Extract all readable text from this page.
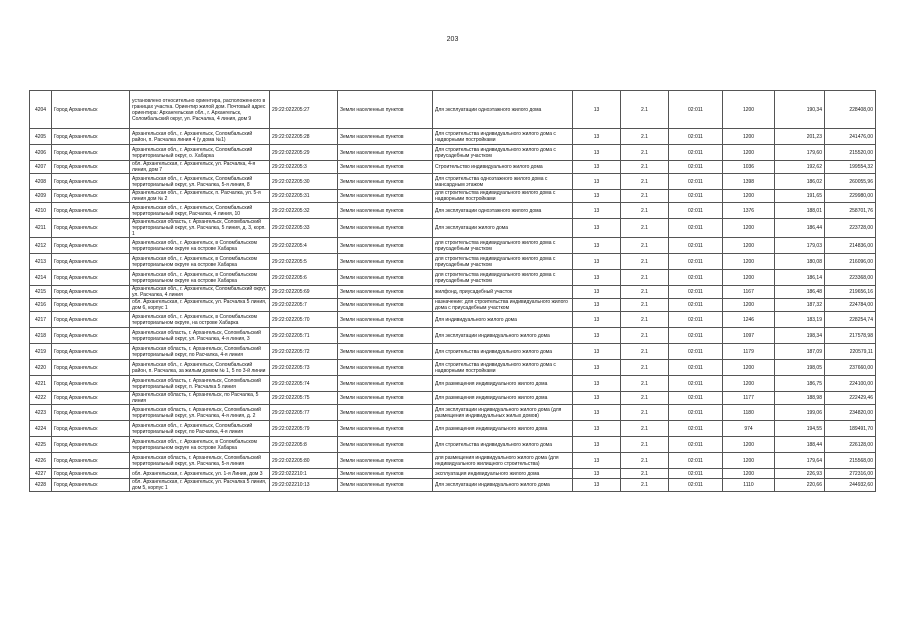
203
4204	Город Архангельск	установлено относительно ориентира, расположенного в границах участка. Ориентир жилой дом. Почтовый адрес ориентира: Архангельская обл., г. Архангельск, Соломбальский округ, ул. Расчалка, 4 линия, дом 9	29:22:022205:27	Земли населенных пунктов	Для эксплуатации одноэтажного жилого дома	13	2.1	02:011	1200	190,34	228408,00
4205	Город Архангельск	Архангельская обл., г. Архангельск, Соломбальский район, п. Расчалка линия 4 (у дома №1)	29:22:022205:28	Земли населенных пунктов	Для строительства индивидуального жилого дома с надворными постройками	13	2.1	02:011	1200	201,23	241476,00
4206	Город Архангельск	Архангельская обл., г. Архангельск, Соломбальский территориальный округ, о. Хабарка	29:22:022205:29	Земли населенных пунктов	Для строительства индивидуального жилого дома с приусадебным участком	13	2.1	02:011	1200	179,60	215520,00
4207	Город Архангельск	обл. Архангельская, г. Архангельск, ул. Расчалка, 4-я линия, дом 7	29:22:022205:3	Земли населенных пунктов	Строительство индивидуального жилого дома	13	2.1	02:011	1036	192,62	199554,32
4208	Город Архангельск	Архангельская обл., г. Архангельск, Соломбальский территориальный округ, ул. Расчалка, 5-я линия, 8	29:22:022205:30	Земли населенных пунктов	Для строительства одноэтажного жилого дома с мансардным этажом	13	2.1	02:011	1398	186,02	260055,96
4209	Город Архангельск	Архангельская обл., г. Архангельск, п. Расчалка, ул. 5-я линия дом № 2	29:22:022205:31	Земли населенных пунктов	для строительства индивидуального жилого дома с надворными постройками	13	2.1	02:011	1200	191,65	229980,00
4210	Город Архангельск	Архангельская обл., г. Архангельск, Соломбальский территориальный округ, Расчалка, 4 линия, 10	29:22:022205:32	Земли населенных пунктов	Для эксплуатации одноэтажного жилого дома	13	2.1	02:011	1376	188,01	258701,76
4211	Город Архангельск	Архангельская область, г. Архангельск, Соломбальский территориальный округ, ул. Расчалка, 5 линия, д. 3, корп. 1	29:22:022205:33	Земли населенных пунктов	Для эксплуатации жилого дома	13	2.1	02:011	1200	186,44	223728,00
4212	Город Архангельск	Архангельская обл., г. Архангельск, в Соломбальском территориальном округе на острове Хабарка	29:22:022205:4	Земли населенных пунктов	для строительства индивидуального жилого дома с приусадебным участком	13	2.1	02:011	1200	179,03	214836,00
4213	Город Архангельск	Архангельская обл., г. Архангельск, в Соломбальском территориальном округе на острове Хабарка	29:22:022205:5	Земли населенных пунктов	для строительства индивидуального жилого дома с приусадебным участком	13	2.1	02:011	1200	180,08	216096,00
4214	Город Архангельск	Архангельская обл., г. Архангельск, в Соломбальском территориальном округе на острове Хабарка	29:22:022205:6	Земли населенных пунктов	для строительства индивидуального жилого дома с приусадебным участком	13	2.1	02:011	1200	186,14	223368,00
4215	Город Архангельск	Архангельская обл., г. Архангельск, Соломбальский округ, ул. Расчалка, 4 линия	29:22:022205:69	Земли населенных пунктов	жилфонд, приусадебный участок	13	2.1	02:011	1167	186,48	219656,16
4216	Город Архангельск	обл. Архангельская, г. Архангельск, ул. Расчалка 5 линия, дом 6, корпус 1	29:22:022205:7	Земли населенных пунктов	назначение: для строительства индивидуального жилого дома с приусадебным участком	13	2.1	02:011	1200	187,32	224784,00
4217	Город Архангельск	Архангельская обл., г. Архангельск, в Соломбальском территориальном округе, на острове Хабарка	29:22:022205:70	Земли населенных пунктов	Для индивидуального жилого дома	13	2.1	02:011	1246	183,19	228254,74
4218	Город Архангельск	Архангельская область, г. Архангельск, Соломбальский территориальный округ, ул. Расчалка, 4-я линия, 3	29:22:022205:71	Земли населенных пунктов	Для эксплуатации индивидуального жилого дома	13	2.1	02:011	1097	198,34	217578,98
4219	Город Архангельск	Архангельская область, г. Архангельск, Соломбальский территориальный округ, по Расчалка, 4-я линия	29:22:022205:72	Земли населенных пунктов	Для строительства индивидуального жилого дома	13	2.1	02:011	1179	187,09	220579,11
4220	Город Архангельск	Архангельская обл., г. Архангельск, Соломбальский район, п. Расчалка, за жилым домом № 1, 5 по 3-й линии	29:22:022205:73	Земли населенных пунктов	Для строительства индивидуального жилого дома с надворными постройками	13	2.1	02:011	1200	198,05	237660,00
4221	Город Архангельск	Архангельская область, г. Архангельск, Соломбальский территориальный округ, п. Расчалка 5 линия	29:22:022205:74	Земли населенных пунктов	Для размещения индивидуального жилого дома	13	2.1	02:011	1200	186,75	224100,00
4222	Город Архангельск	Архангельская область, г. Архангельск, по Расчалка, 5 линия	29:22:022205:75	Земли населенных пунктов	Для размещения индивидуального жилого дома	13	2.1	02:011	1177	188,98	222429,46
4223	Город Архангельск	Архангельская область, г. Архангельск, Соломбальский территориальный округ, ул. Расчалка, 4-я линия, д. 2	29:22:022205:77	Земли населенных пунктов	Для эксплуатации индивидуального жилого дома (для размещения индивидуальных жилых домов)	13	2.1	02:011	1180	199,06	234820,00
4224	Город Архангельск	Архангельская обл., г. Архангельск, Соломбальский территориальный округ, по Расчалка, 4-я линия	29:22:022205:79	Земли населенных пунктов	Для размещения индивидуального жилого дома	13	2.1	02:011	974	194,55	189491,70
4225	Город Архангельск	Архангельская обл., г. Архангельск, в Соломбальском территориальном округе на острове Хабарка	29:22:022205:8	Земли населенных пунктов	Для строительства индивидуального жилого дома	13	2.1	02:011	1200	188,44	226128,00
4226	Город Архангельск	Архангельская область, г. Архангельск, Соломбальский территориальный округ, ул. Расчалка, 5-я линия	29:22:022205:80	Земли населенных пунктов	для размещения индивидуального жилого дома (для индивидуального жилищного строительства)	13	2.1	02:011	1200	179,64	215568,00
4227	Город Архангельск	обл. Архангельская, г. Архангельск, ул. 1-я Линия, дом 3	29:22:022210:1	Земли населенных пунктов	эксплуатация индивидуального жилого дома	13	2.1	02:011	1200	226,93	272316,00
4228	Город Архангельск	обл. Архангельская, г. Архангельск, ул. Расчалка 5 линия, дом 5, корпус 1	29:22:022210:13	Земли населенных пунктов	Для эксплуатации индивидуального жилого дома	13	2.1	02:011	1110	220,66	244932,60
